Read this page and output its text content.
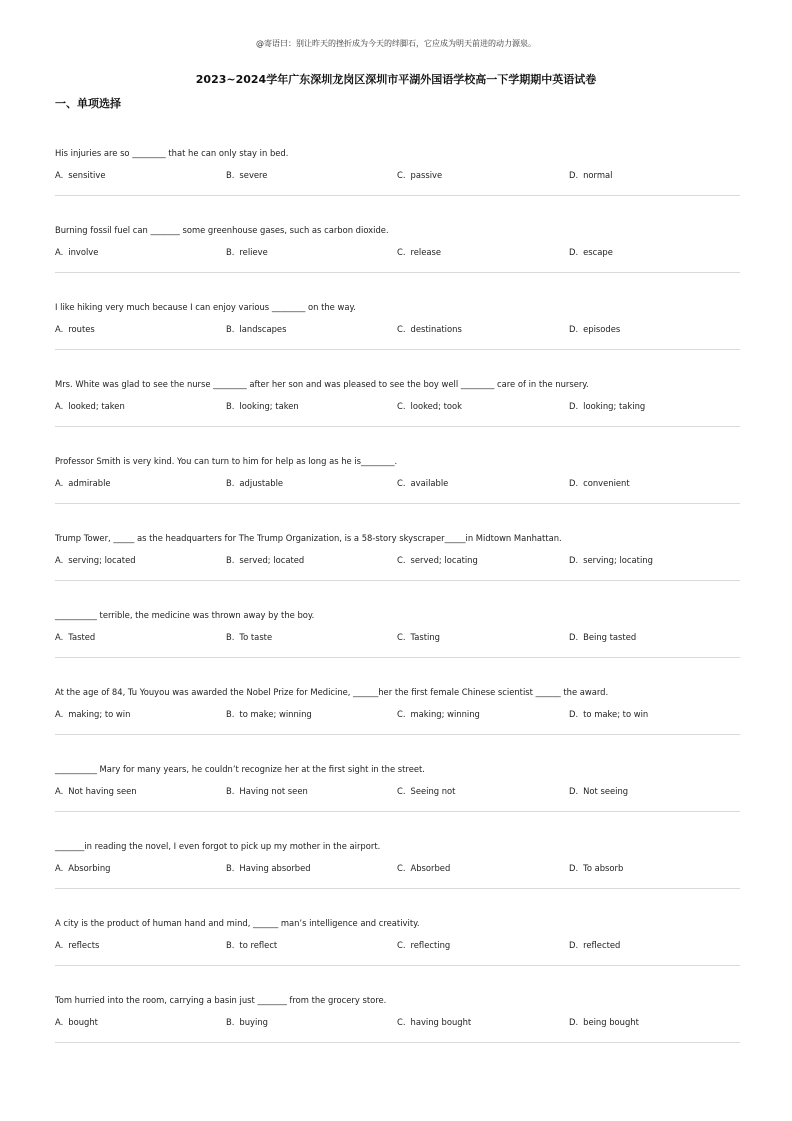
@寄语曰：别让昨天的挫折成为今天的绊脚石，它应成为明天前进的动力源泉。
2023~2024学年广东深圳龙岗区深圳市平湖外国语学校高一下学期期中英语试卷
一、单项选择
His injuries are so ________ that he can only stay in bed.
A. sensitive	B. severe	C. passive	D. normal
Burning fossil fuel can _______ some greenhouse gases, such as carbon dioxide.
A. involve	B. relieve	C. release	D. escape
I like hiking very much because I can enjoy various ________ on the way.
A. routes	B. landscapes	C. destinations	D. episodes
Mrs. White was glad to see the nurse ________ after her son and was pleased to see the boy well ________ care of in the nursery.
A. looked; taken	B. looking; taken	C. looked; took	D. looking; taking
Professor Smith is very kind. You can turn to him for help as long as he is________.
A. admirable	B. adjustable	C. available	D. convenient
Trump Tower, _____ as the headquarters for The Trump Organization, is a 58-story skyscraper_____in Midtown Manhattan.
A. serving; located	B. served; located	C. served; locating	D. serving; locating
__________ terrible, the medicine was thrown away by the boy.
A. Tasted	B. To taste	C. Tasting	D. Being tasted
At the age of 84, Tu Youyou was awarded the Nobel Prize for Medicine, ______her the first female Chinese scientist ______ the award.
A. making; to win	B. to make; winning	C. making; winning	D. to make; to win
__________ Mary for many years, he couldn’t recognize her at the first sight in the street.
A. Not having seen	B. Having not seen	C. Seeing not	D. Not seeing
_______in reading the novel, I even forgot to pick up my mother in the airport.
A. Absorbing	B. Having absorbed	C. Absorbed	D. To absorb
A city is the product of human hand and mind, ______ man’s intelligence and creativity.
A. reflects	B. to reflect	C. reflecting	D. reflected
Tom hurried into the room, carrying a basin just _______ from the grocery store.
A. bought	B. buying	C. having bought	D. being bought
